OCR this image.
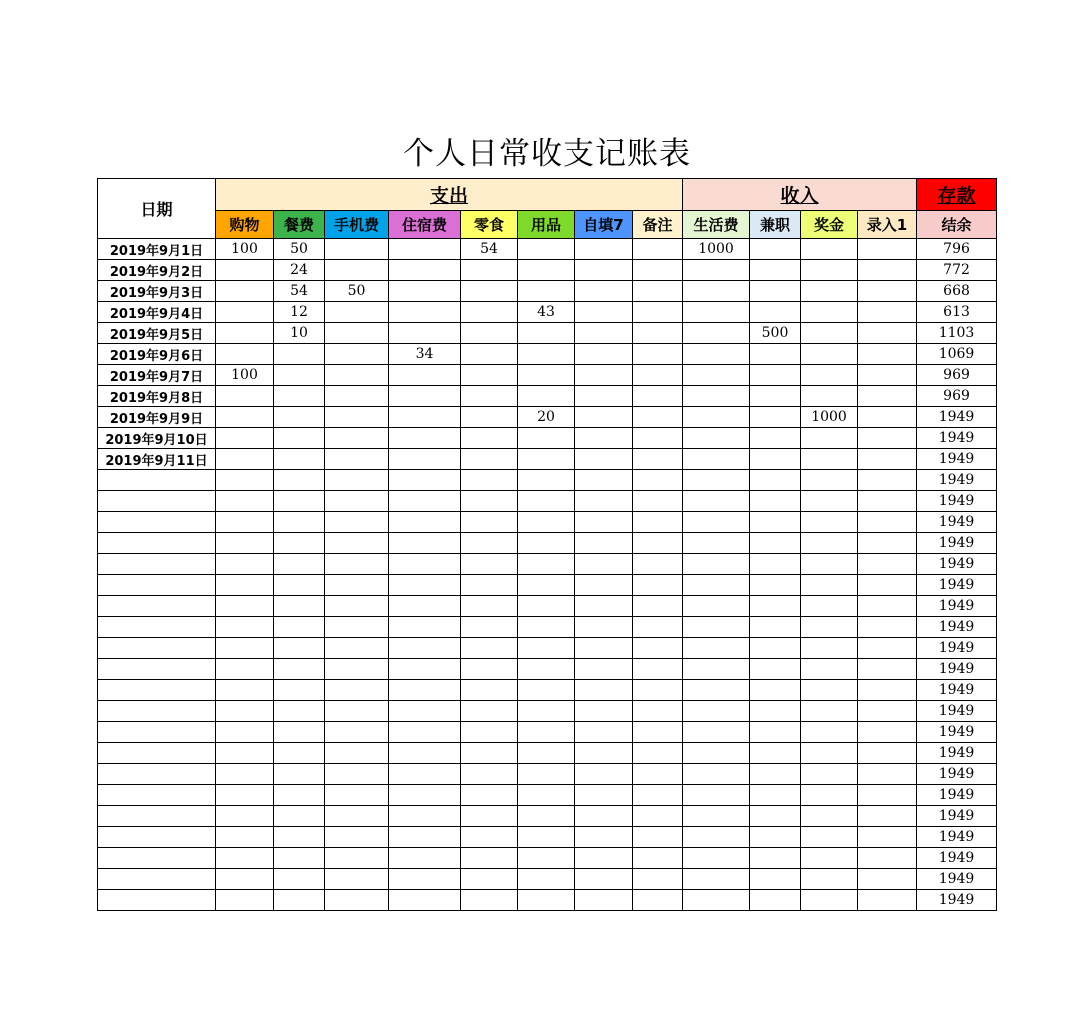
个人日常收支记账表
日期	支出								收入				存款
	购物	餐费	手机费	住宿费	零食	用品	自填7	备注	生活费	兼职	奖金	录入1	结余
2019年9月1日	100	50			54				1000				796
2019年9月2日		24											772
2019年9月3日		54	50										668
2019年9月4日		12				43							613
2019年9月5日		10								500			1103
2019年9月6日				34									1069
2019年9月7日	100												969
2019年9月8日													969
2019年9月9日						20					1000		1949
2019年9月10日													1949
2019年9月11日													1949
													1949
													1949
													1949
													1949
													1949
													1949
													1949
													1949
													1949
													1949
													1949
													1949
													1949
													1949
													1949
													1949
													1949
													1949
													1949
													1949
													1949
